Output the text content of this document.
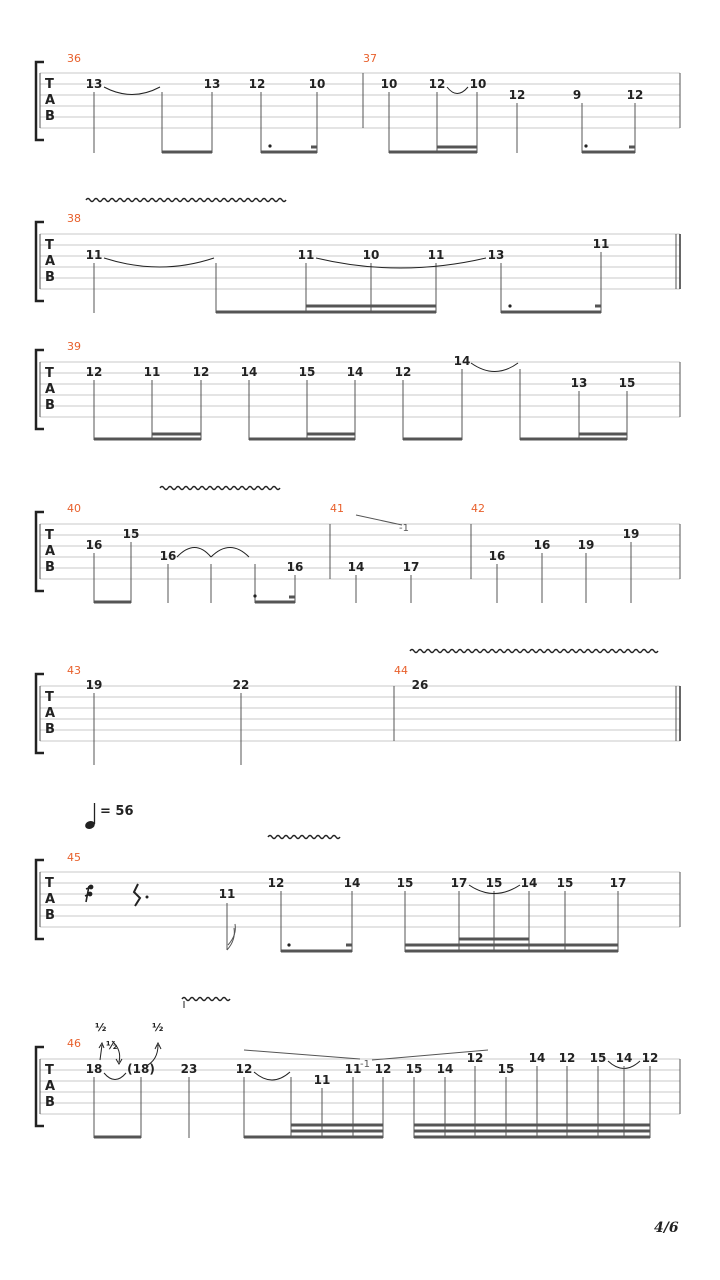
T
A
B
36	37
13	13 12	10	10	12 10
12	9	12
T
A
B
38
11	11	10	11	13
11
T
A
B
39
12	11	12	14	15	14	12
14
13	15
T
A
B
40	41	42
-1
16
15
16
16	14	17
16
16 19
19
T
A
B
43	44
19	22	26
= 56
T
A
B
45
11
12	14	15	17 15 14 15	17
T
A
B
46
½
½
½
-1
18 (18) 23	12
11
11 12 15 14
12
15
14 12 15 14 12
4/6
